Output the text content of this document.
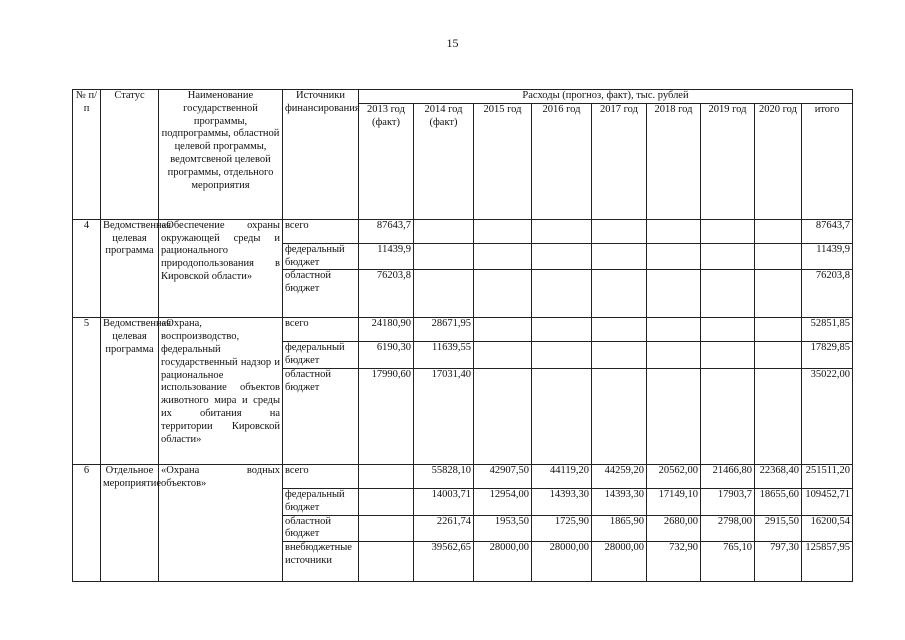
15
№ п/п	Статус	Наименование государственной программы, подпрограммы, областной целевой программы, ведомтсвеной целевой программы, отдельного мероприятия	Источники финансирования	Расходы (прогноз, факт), тыс. рублей								
				2013 год (факт)	2014 год (факт)	2015 год	2016 год	2017 год	2018 год	2019 год	2020 год	итого
4	Ведомственная целевая программа	«Обеспечение охраны окружающей среды и рационального природопользования в Кировской области»	всего	87643,7								87643,7
			федеральный бюджет	11439,9								11439,9
			областной бюджет	76203,8								76203,8
5	Ведомственная целевая программа	«Охрана, воспроизводство, федеральный государственный надзор и рациональное использование объектов животного мира и среды их обитания на территории Кировской области»	всего	24180,90	28671,95							52851,85
			федеральный бюджет	6190,30	11639,55							17829,85
			областной бюджет	17990,60	17031,40							35022,00
6	Отдельное мероприятие	«Охрана водных объектов»	всего		55828,10	42907,50	44119,20	44259,20	20562,00	21466,80	22368,40	251511,20
			федеральный бюджет		14003,71	12954,00	14393,30	14393,30	17149,10	17903,7	18655,60	109452,71
			областной бюджет		2261,74	1953,50	1725,90	1865,90	2680,00	2798,00	2915,50	16200,54
			внебюджетные источники		39562,65	28000,00	28000,00	28000,00	732,90	765,10	797,30	125857,95
